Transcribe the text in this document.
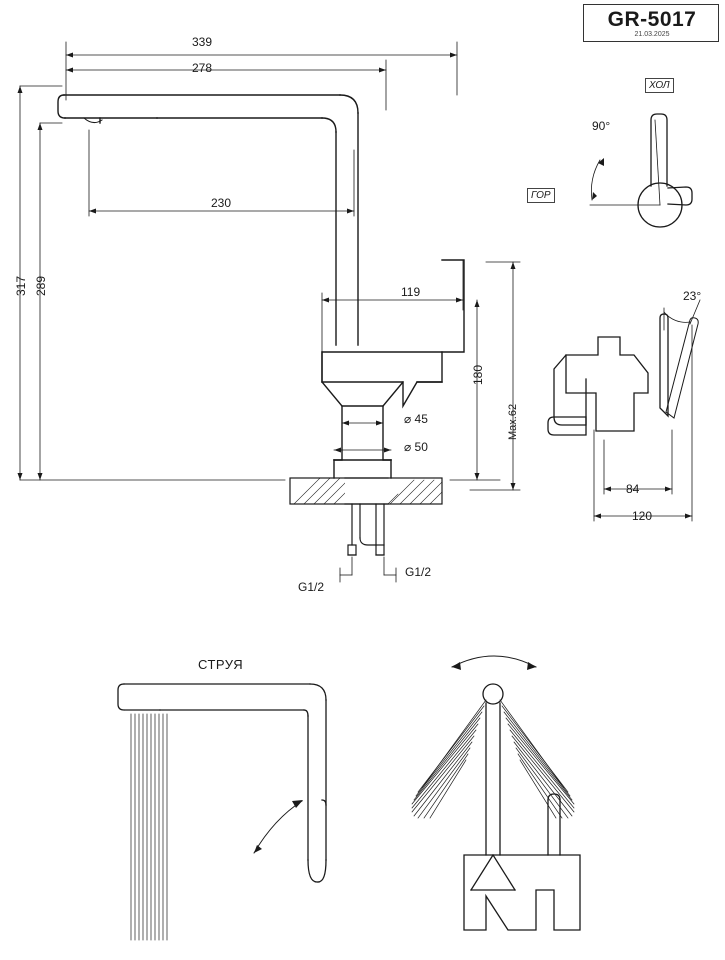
GR-5017
21.03.2025
ХОЛ
ГОР
339
278
230
119
317 289
180
Max.62
⌀ 45
⌀ 50
G1/2
G1/2
90°
23°
84
120
СТРУЯ
